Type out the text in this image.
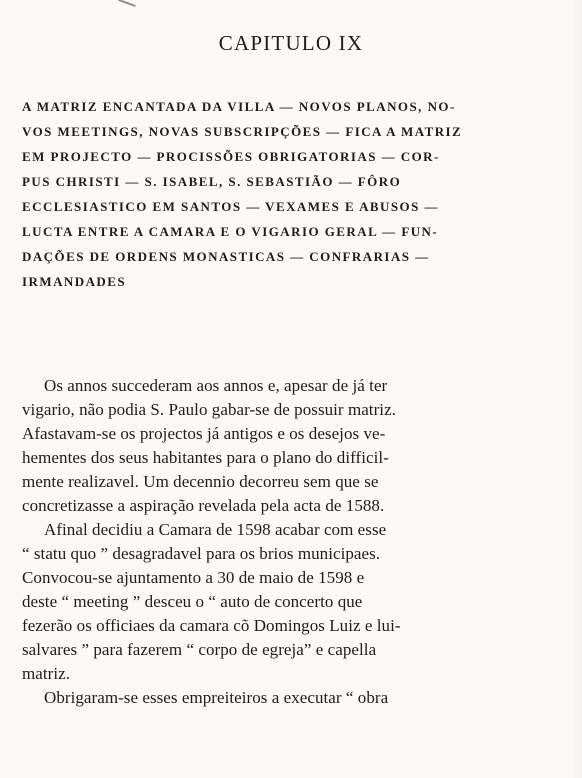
CAPITULO IX
A MATRIZ ENCANTADA DA VILLA — NOVOS PLANOS, NO-
VOS MEETINGS, NOVAS SUBSCRIPÇÕES — FICA A MATRIZ
EM PROJECTO — PROCISSÕES OBRIGATORIAS — COR-
PUS CHRISTI — S. ISABEL, S. SEBASTIÃO — FÔRO
ECCLESIASTICO EM SANTOS — VEXAMES E ABUSOS —
LUCTA ENTRE A CAMARA E O VIGARIO GERAL — FUN-
DAÇÕES DE ORDENS MONASTICAS — CONFRARIAS —
IRMANDADES
Os annos succederam aos annos e, apesar de já ter
vigario, não podia S. Paulo gabar-se de possuir matriz.
Afastavam-se os projectos já antigos e os desejos ve-
hementes dos seus habitantes para o plano do difficil-
mente realizavel. Um decennio decorreu sem que se
concretizasse a aspiração revelada pela acta de 1588.
Afinal decidiu a Camara de 1598 acabar com esse
“ statu quo ” desagradavel para os brios municipaes.
Convocou-se ajuntamento a 30 de maio de 1598 e
deste “ meeting ” desceu o “ auto de concerto que
fezerão os officiaes da camara cõ Domingos Luiz e lui-
salvares ” para fazerem “ corpo de egreja” e capella
matriz.
Obrigaram-se esses empreiteiros a executar “ obra
